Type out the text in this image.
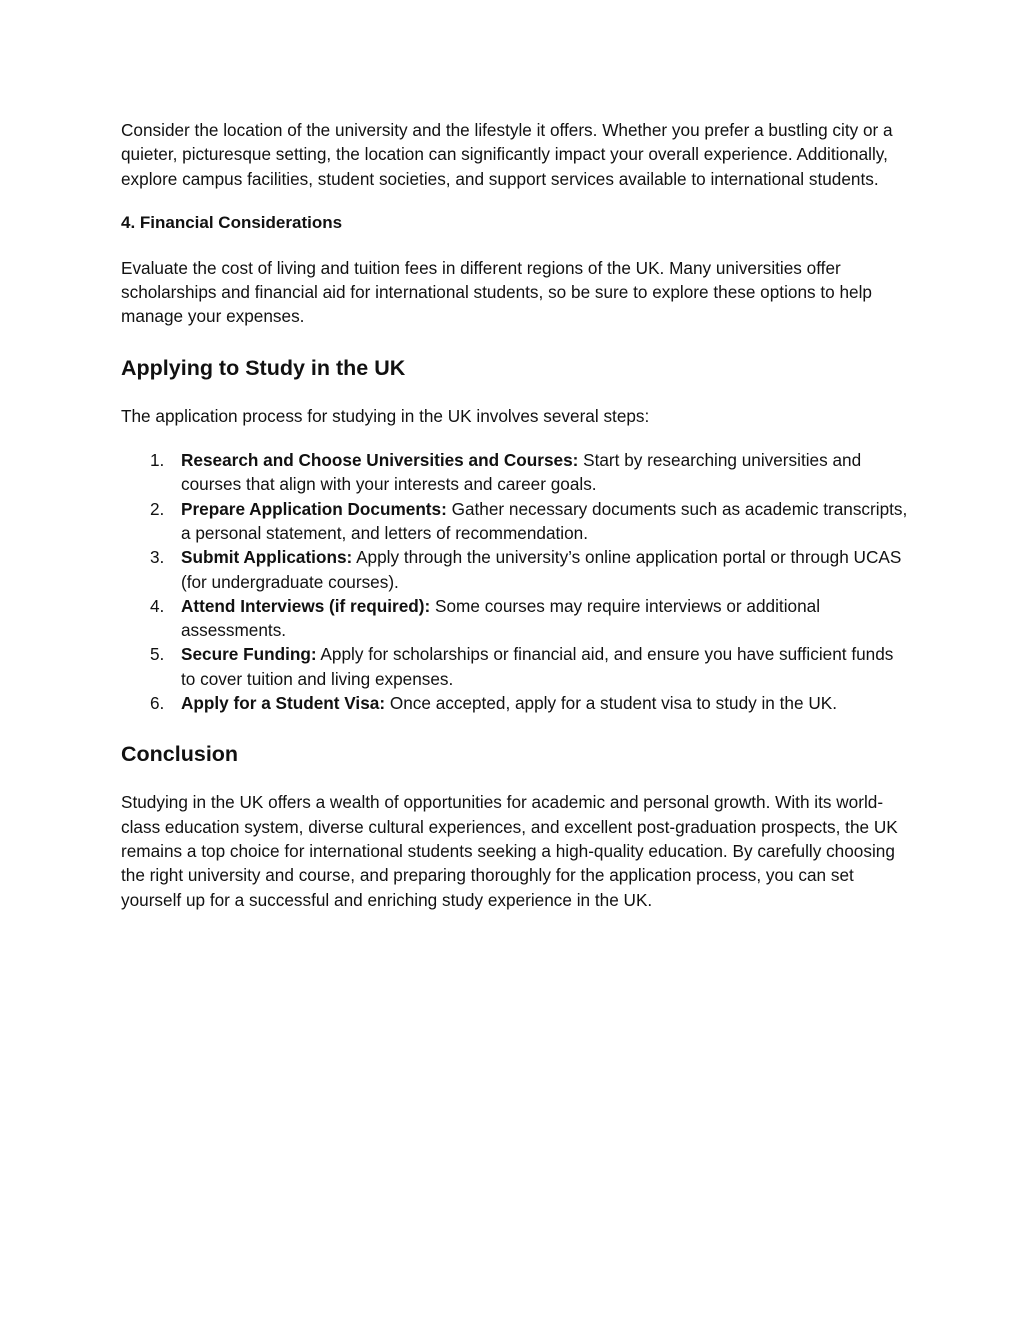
Consider the location of the university and the lifestyle it offers. Whether you prefer a bustling city or a quieter, picturesque setting, the location can significantly impact your overall experience. Additionally, explore campus facilities, student societies, and support services available to international students.

4. Financial Considerations

Evaluate the cost of living and tuition fees in different regions of the UK. Many universities offer scholarships and financial aid for international students, so be sure to explore these options to help manage your expenses.

Applying to Study in the UK

The application process for studying in the UK involves several steps:

1. Research and Choose Universities and Courses: Start by researching universities and courses that align with your interests and career goals.
2. Prepare Application Documents: Gather necessary documents such as academic transcripts, a personal statement, and letters of recommendation.
3. Submit Applications: Apply through the university’s online application portal or through UCAS (for undergraduate courses).
4. Attend Interviews (if required): Some courses may require interviews or additional assessments.
5. Secure Funding: Apply for scholarships or financial aid, and ensure you have sufficient funds to cover tuition and living expenses.
6. Apply for a Student Visa: Once accepted, apply for a student visa to study in the UK.
Conclusion

Studying in the UK offers a wealth of opportunities for academic and personal growth. With its world-class education system, diverse cultural experiences, and excellent post-graduation prospects, the UK remains a top choice for international students seeking a high-quality education. By carefully choosing the right university and course, and preparing thoroughly for the application process, you can set yourself up for a successful and enriching study experience in the UK.
